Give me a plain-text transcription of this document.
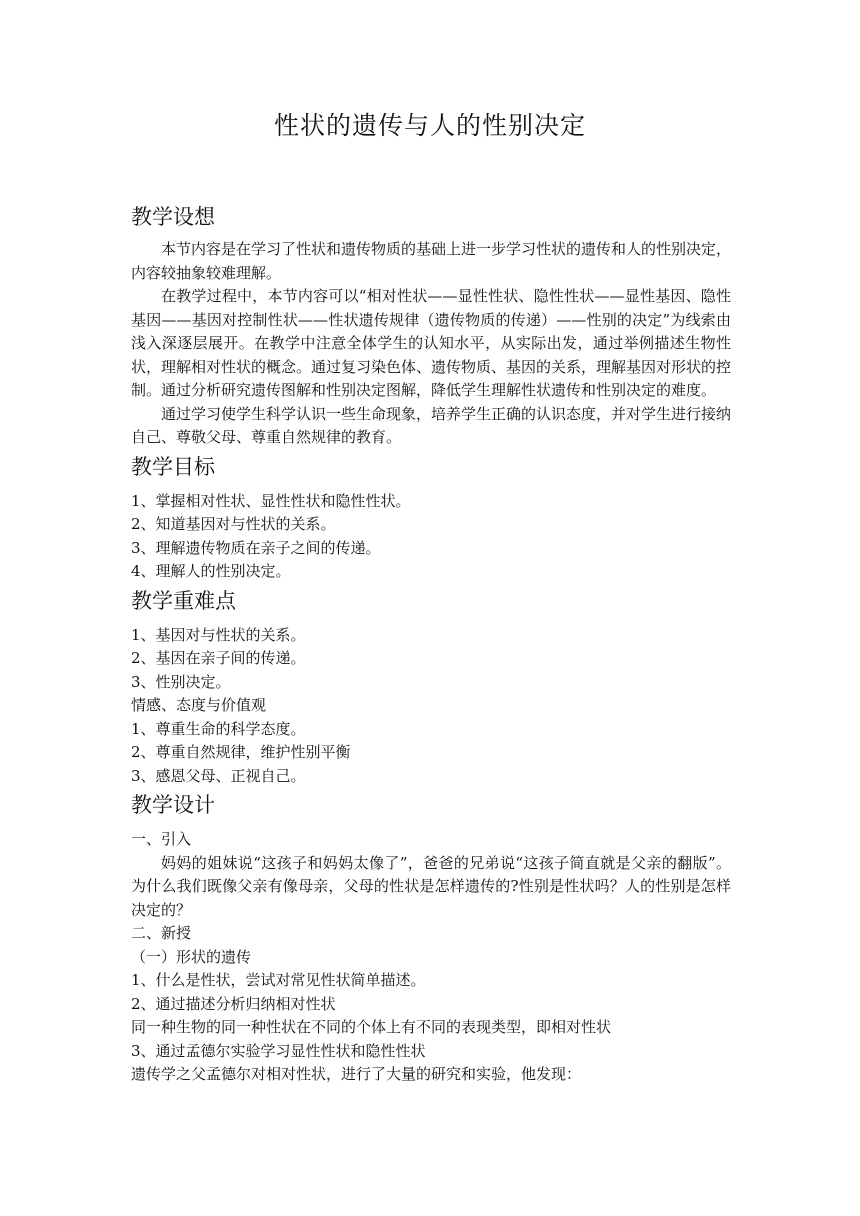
性状的遗传与人的性别决定
教学设想

本节内容是在学习了性状和遗传物质的基础上进一步学习性状的遗传和人的性别决定，内容较抽象较难理解。

在教学过程中，本节内容可以“相对性状——显性性状、隐性性状——显性基因、隐性基因——基因对控制性状——性状遗传规律（遗传物质的传递）——性别的决定”为线索由浅入深逐层展开。在教学中注意全体学生的认知水平，从实际出发，通过举例描述生物性状，理解相对性状的概念。通过复习染色体、遗传物质、基因的关系，理解基因对形状的控制。通过分析研究遗传图解和性别决定图解，降低学生理解性状遗传和性别决定的难度。

通过学习使学生科学认识一些生命现象，培养学生正确的认识态度，并对学生进行接纳自己、尊敬父母、尊重自然规律的教育。

教学目标

1、掌握相对性状、显性性状和隐性性状。

2、知道基因对与性状的关系。

3、理解遗传物质在亲子之间的传递。

4、理解人的性别决定。

教学重难点

1、基因对与性状的关系。

2、基因在亲子间的传递。

3、性别决定。

情感、态度与价值观

1、尊重生命的科学态度。

2、尊重自然规律，维护性别平衡

3、感恩父母、正视自己。

教学设计

一、引入

妈妈的姐妹说“这孩子和妈妈太像了”，爸爸的兄弟说“这孩子简直就是父亲的翻版”。为什么我们既像父亲有像母亲，父母的性状是怎样遗传的?性别是性状吗？人的性别是怎样决定的？

二、新授

（一）形状的遗传

1、什么是性状，尝试对常见性状简单描述。

2、通过描述分析归纳相对性状

同一种生物的同一种性状在不同的个体上有不同的表现类型，即相对性状

3、通过孟德尔实验学习显性性状和隐性性状

遗传学之父孟德尔对相对性状，进行了大量的研究和实验，他发现：
